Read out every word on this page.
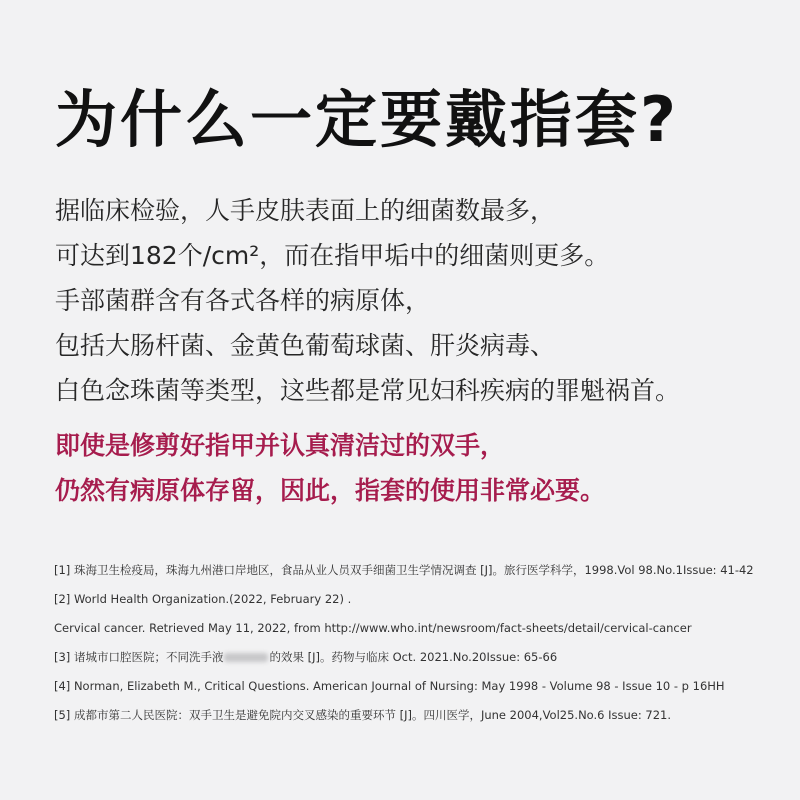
为什么一定要戴指套?
据临床检验，人手皮肤表面上的细菌数最多，
可达到182个/cm²，而在指甲垢中的细菌则更多。
手部菌群含有各式各样的病原体，
包括大肠杆菌、金黄色葡萄球菌、肝炎病毒、
白色念珠菌等类型，这些都是常见妇科疾病的罪魁祸首。
即使是修剪好指甲并认真清洁过的双手，
仍然有病原体存留，因此，指套的使用非常必要。
[1] 珠海卫生检疫局，珠海九州港口岸地区，食品从业人员双手细菌卫生学情况调查 [J]。旅行医学科学，1998.Vol 98.No.1Issue: 41-42
[2] World Health Organization.(2022, February 22) .
Cervical cancer. Retrieved May 11, 2022, from http://www.who.int/newsroom/fact-sheets/detail/cervical-cancer
[3] 诸城市口腔医院；不同洗手液	的效果 [J]。药物与临床 Oct. 2021.No.20Issue: 65-66
[4] Norman, Elizabeth M., Critical Questions. American Journal of Nursing: May 1998 - Volume 98 - Issue 10 - p 16HH
[5] 成都市第二人民医院：双手卫生是避免院内交叉感染的重要环节 [J]。四川医学，June 2004,Vol25.No.6 Issue: 721.
